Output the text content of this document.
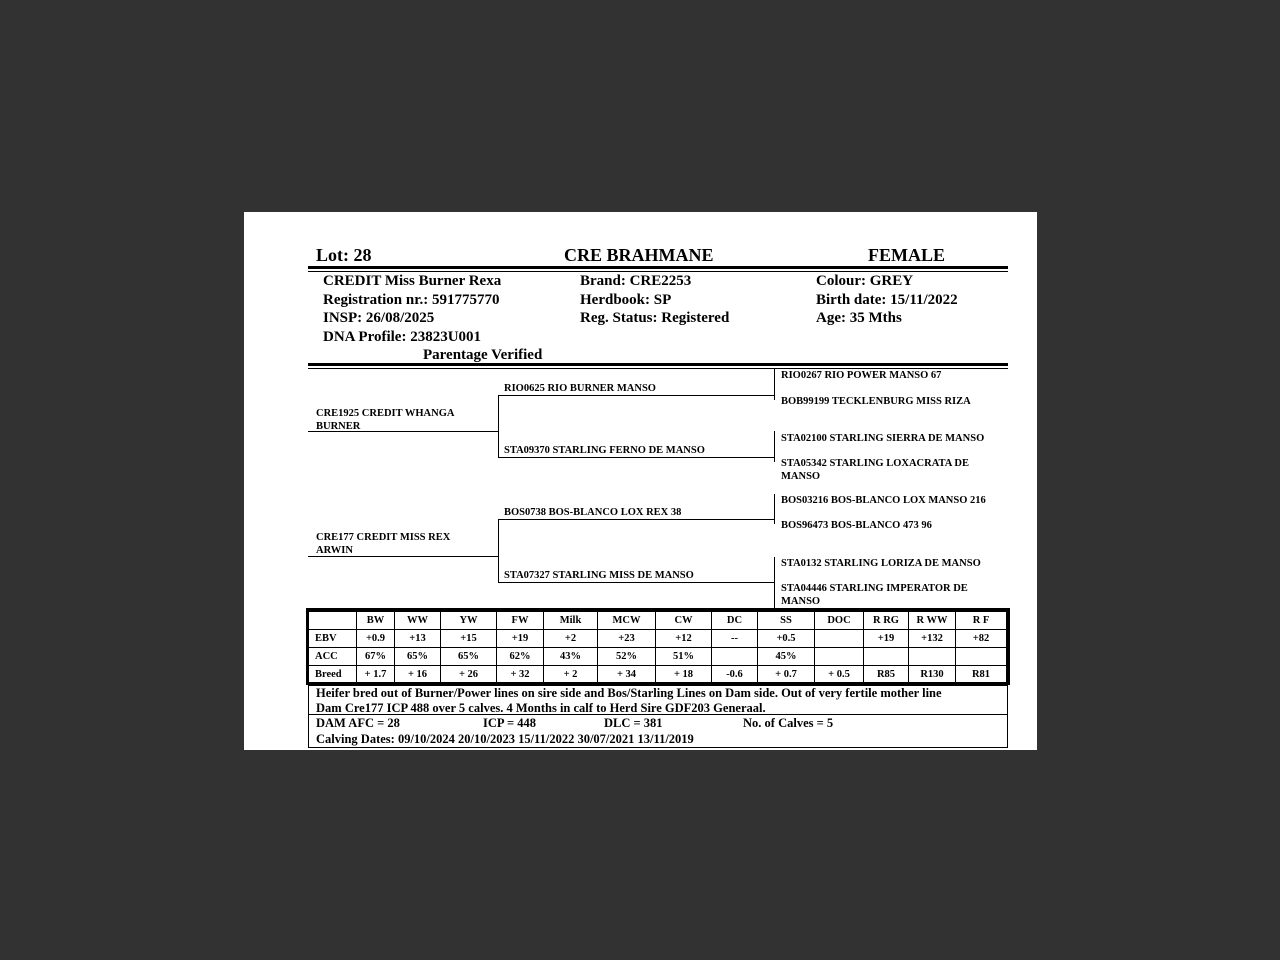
Lot: 28	CRE BRAHMANE	FEMALE
CREDIT Miss Burner Rexa
Registration nr.: 591775770
INSP: 26/08/2025
DNA Profile: 23823U001
Parentage Verified
Brand: CRE2253
Herdbook: SP
Reg. Status: Registered
Colour: GREY
Birth date: 15/11/2022
Age: 35 Mths
CRE1925 CREDIT WHANGA
BURNER
CRE177 CREDIT MISS REX
ARWIN
RIO0625 RIO BURNER MANSO
STA09370 STARLING FERNO DE MANSO
BOS0738 BOS-BLANCO LOX REX 38
STA07327 STARLING MISS DE MANSO
RIO0267 RIO POWER MANSO 67
BOB99199 TECKLENBURG MISS RIZA
STA02100 STARLING SIERRA DE MANSO
STA05342 STARLING LOXACRATA DE
MANSO
BOS03216 BOS-BLANCO LOX MANSO 216
BOS96473 BOS-BLANCO 473 96
STA0132 STARLING LORIZA DE MANSO
STA04446 STARLING IMPERATOR DE
MANSO
	BW	WW	YW	FW	Milk	MCW	CW	DC	SS	DOC	R RG	R WW	R F
EBV	+0.9	+13	+15	+19	+2	+23	+12	--	+0.5		+19	+132	+82
ACC	67%	65%	65%	62%	43%	52%	51%		45%				
Breed	+ 1.7	+ 16	+ 26	+ 32	+ 2	+ 34	+ 18	-0.6	+ 0.7	+ 0.5	R85	R130	R81
Heifer bred out of Burner/Power lines on sire side and Bos/Starling Lines on Dam side. Out of very fertile mother line
Dam Cre177 ICP 488 over 5 calves. 4 Months in calf to Herd Sire GDF203 Generaal.
DAM AFC = 28	ICP = 448	DLC = 381	No. of Calves = 5
Calving Dates: 09/10/2024 20/10/2023 15/11/2022 30/07/2021 13/11/2019
